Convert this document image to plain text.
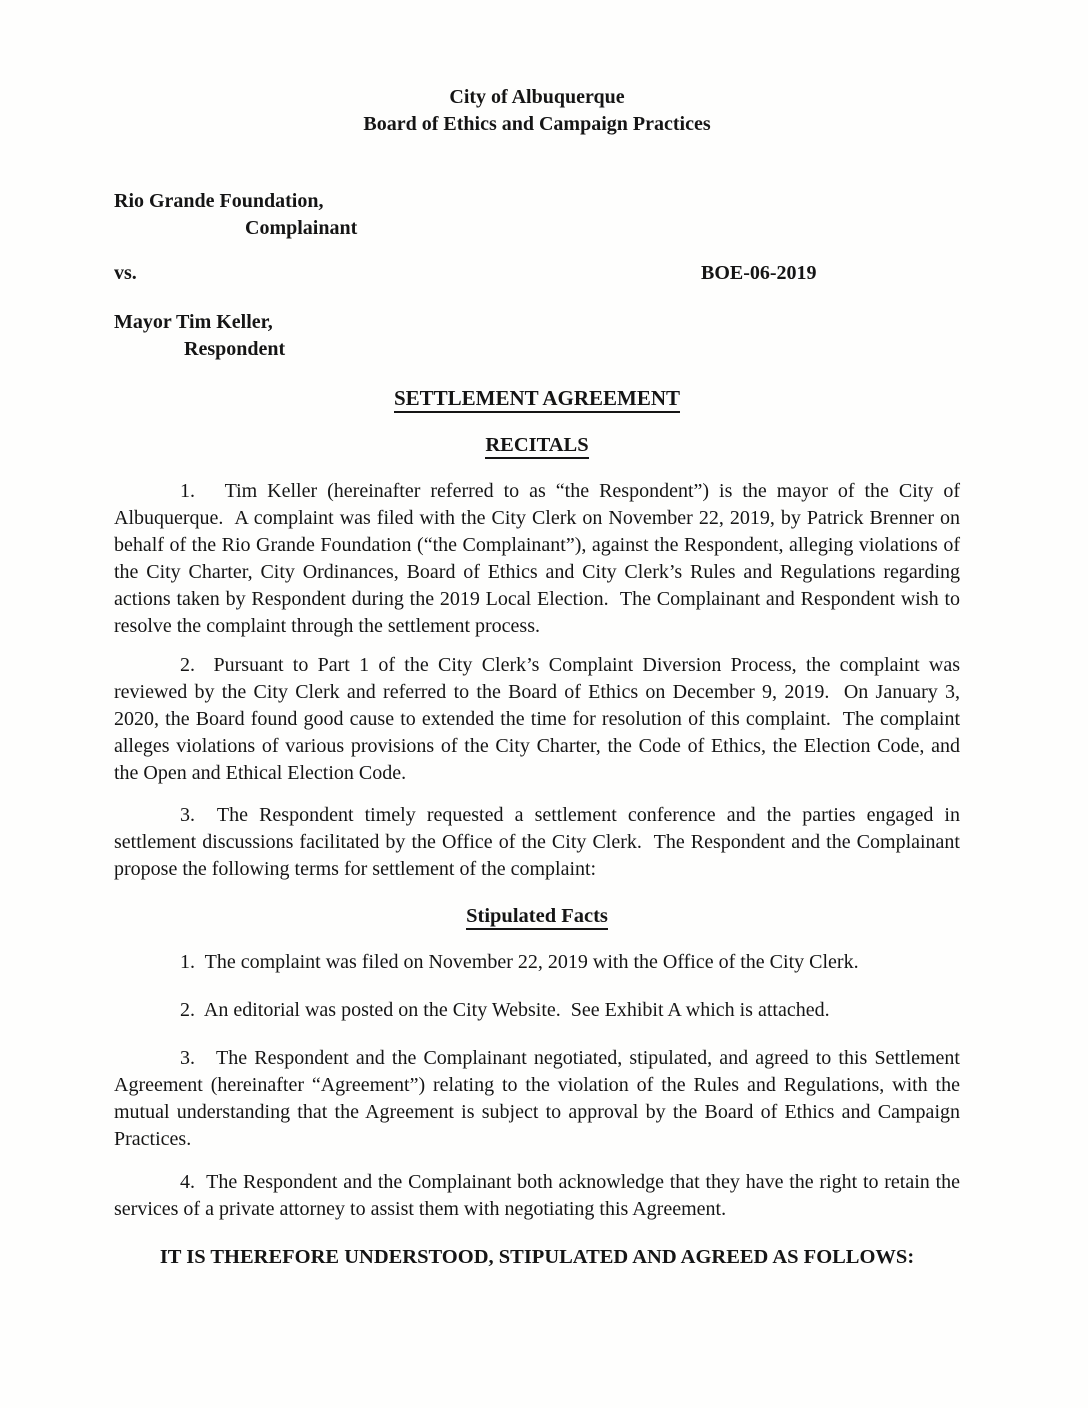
City of Albuquerque
Board of Ethics and Campaign Practices
Rio Grande Foundation,
Complainant
vs.	BOE-06-2019
Mayor Tim Keller,
Respondent
SETTLEMENT AGREEMENT
RECITALS

1.   Tim Keller (hereinafter referred to as “the Respondent”) is the mayor of the City of Albuquerque.  A complaint was filed with the City Clerk on November 22, 2019, by Patrick Brenner on behalf of the Rio Grande Foundation (“the Complainant”), against the Respondent, alleging violations of the City Charter, City Ordinances, Board of Ethics and City Clerk’s Rules and Regulations regarding actions taken by Respondent during the 2019 Local Election.  The Complainant and Respondent wish to resolve the complaint through the settlement process.

2.  Pursuant to Part 1 of the City Clerk’s Complaint Diversion Process, the complaint was reviewed by the City Clerk and referred to the Board of Ethics on December 9, 2019.  On January 3, 2020, the Board found good cause to extended the time for resolution of this complaint.  The complaint alleges violations of various provisions of the City Charter, the Code of Ethics, the Election Code, and the Open and Ethical Election Code.

3.  The Respondent timely requested a settlement conference and the parties engaged in settlement discussions facilitated by the Office of the City Clerk.  The Respondent and the Complainant propose the following terms for settlement of the complaint:

Stipulated Facts

1.  The complaint was filed on November 22, 2019 with the Office of the City Clerk.

2.  An editorial was posted on the City Website.  See Exhibit A which is attached.

3.   The Respondent and the Complainant negotiated, stipulated, and agreed to this Settlement Agreement (hereinafter “Agreement”) relating to the violation of the Rules and Regulations, with the mutual understanding that the Agreement is subject to approval by the Board of Ethics and Campaign Practices.

4.  The Respondent and the Complainant both acknowledge that they have the right to retain the services of a private attorney to assist them with negotiating this Agreement.

IT IS THEREFORE UNDERSTOOD, STIPULATED AND AGREED AS FOLLOWS:
